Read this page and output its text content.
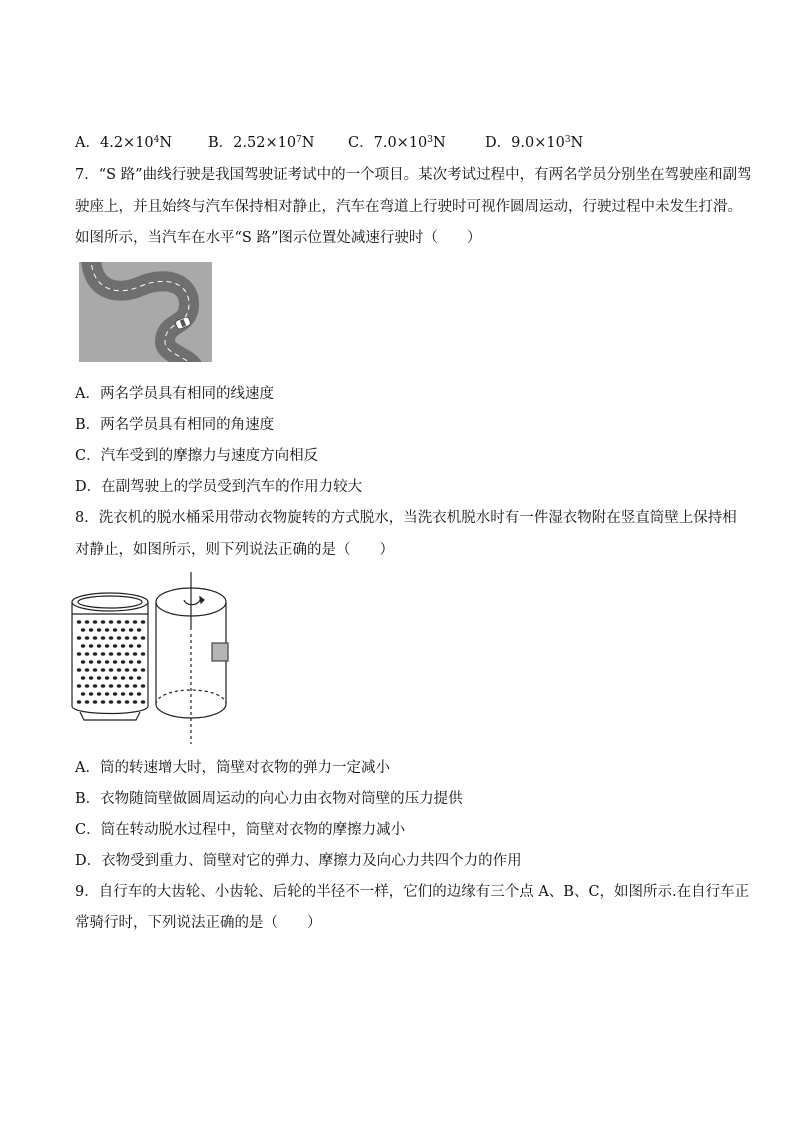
A．$4.2\times 10^4N$ B．$2.52\times 10^7N$ C．$7.0\times 10^3N$	D．$9.0\times 10^3N$
7．“S 路”曲线行驶是我国驾驶证考试中的一个项目。某次考试过程中，有两名学员分别坐在驾驶座和副驾
驶座上，并且始终与汽车保持相对静止，汽车在弯道上行驶时可视作圆周运动，行驶过程中未发生打滑。
如图所示，当汽车在水平“S 路”图示位置处减速行驶时（　　）
A．两名学员具有相同的线速度
B．两名学员具有相同的角速度
C．汽车受到的摩擦力与速度方向相反
D．在副驾驶上的学员受到汽车的作用力较大
8．洗衣机的脱水桶采用带动衣物旋转的方式脱水，当洗衣机脱水时有一件湿衣物附在竖直筒壁上保持相
对静止，如图所示，则下列说法正确的是（　　）
A．筒的转速增大时，筒壁对衣物的弹力一定减小
B．衣物随筒壁做圆周运动的向心力由衣物对筒壁的压力提供
C．筒在转动脱水过程中，筒壁对衣物的摩擦力减小
D．衣物受到重力、筒壁对它的弹力、摩擦力及向心力共四个力的作用
9．自行车的大齿轮、小齿轮、后轮的半径不一样，它们的边缘有三个点 A、B、C，如图所示.在自行车正
常骑行时，下列说法正确的是（　　）
